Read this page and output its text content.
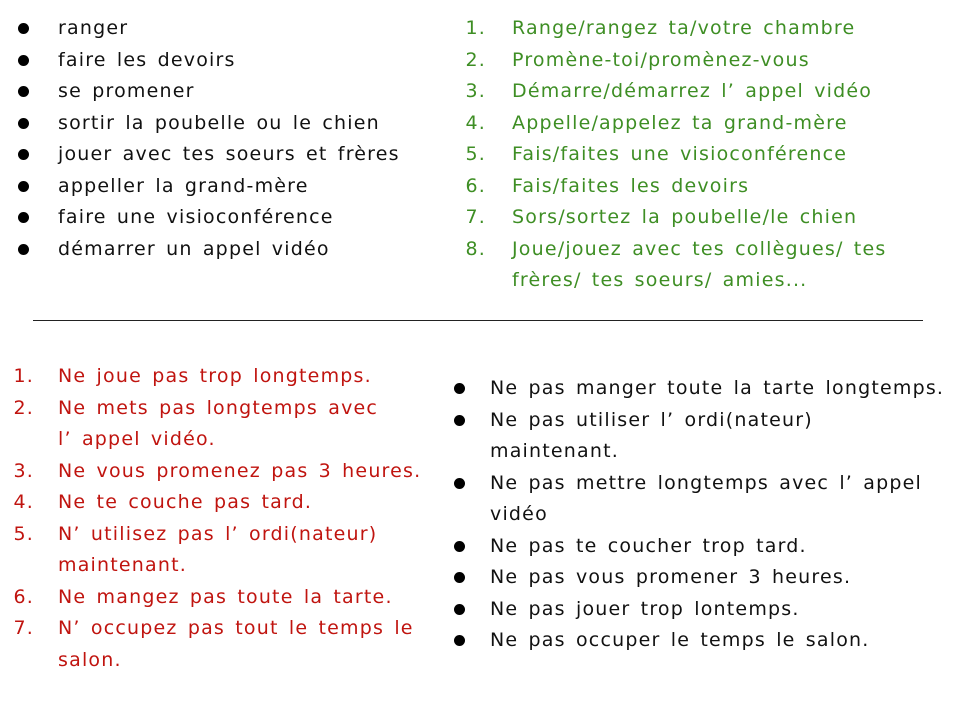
ranger
faire les devoirs
se promener
sortir la poubelle ou le chien
jouer avec tes soeurs et frères
appeller la grand-mère
faire une visioconférence
démarrer un appel vidéo
1. Range/rangez ta/votre chambre
2. Promène-toi/promènez-vous
3. Démarre/démarrez l’ appel vidéo
4. Appelle/appelez ta grand-mère
5. Fais/faites une visioconférence
6. Fais/faites les devoirs
7. Sors/sortez la poubelle/le chien
8. Joue/jouez avec tes collègues/ tes
frères/ tes soeurs/ amies...
1. Ne joue pas trop longtemps.
2. Ne mets pas longtemps avec
l’ appel vidéo.
3. Ne vous promenez pas 3 heures.
4. Ne te couche pas tard.
5. N’ utilisez pas l’ ordi(nateur)
maintenant.
6. Ne mangez pas toute la tarte.
7. N’ occupez pas tout le temps le
salon.
Ne pas manger toute la tarte longtemps.
Ne pas utiliser l’ ordi(nateur)
maintenant.
Ne pas mettre longtemps avec l’ appel
vidéo
Ne pas te coucher trop tard.
Ne pas vous promener 3 heures.
Ne pas jouer trop lontemps.
Ne pas occuper le temps le salon.
